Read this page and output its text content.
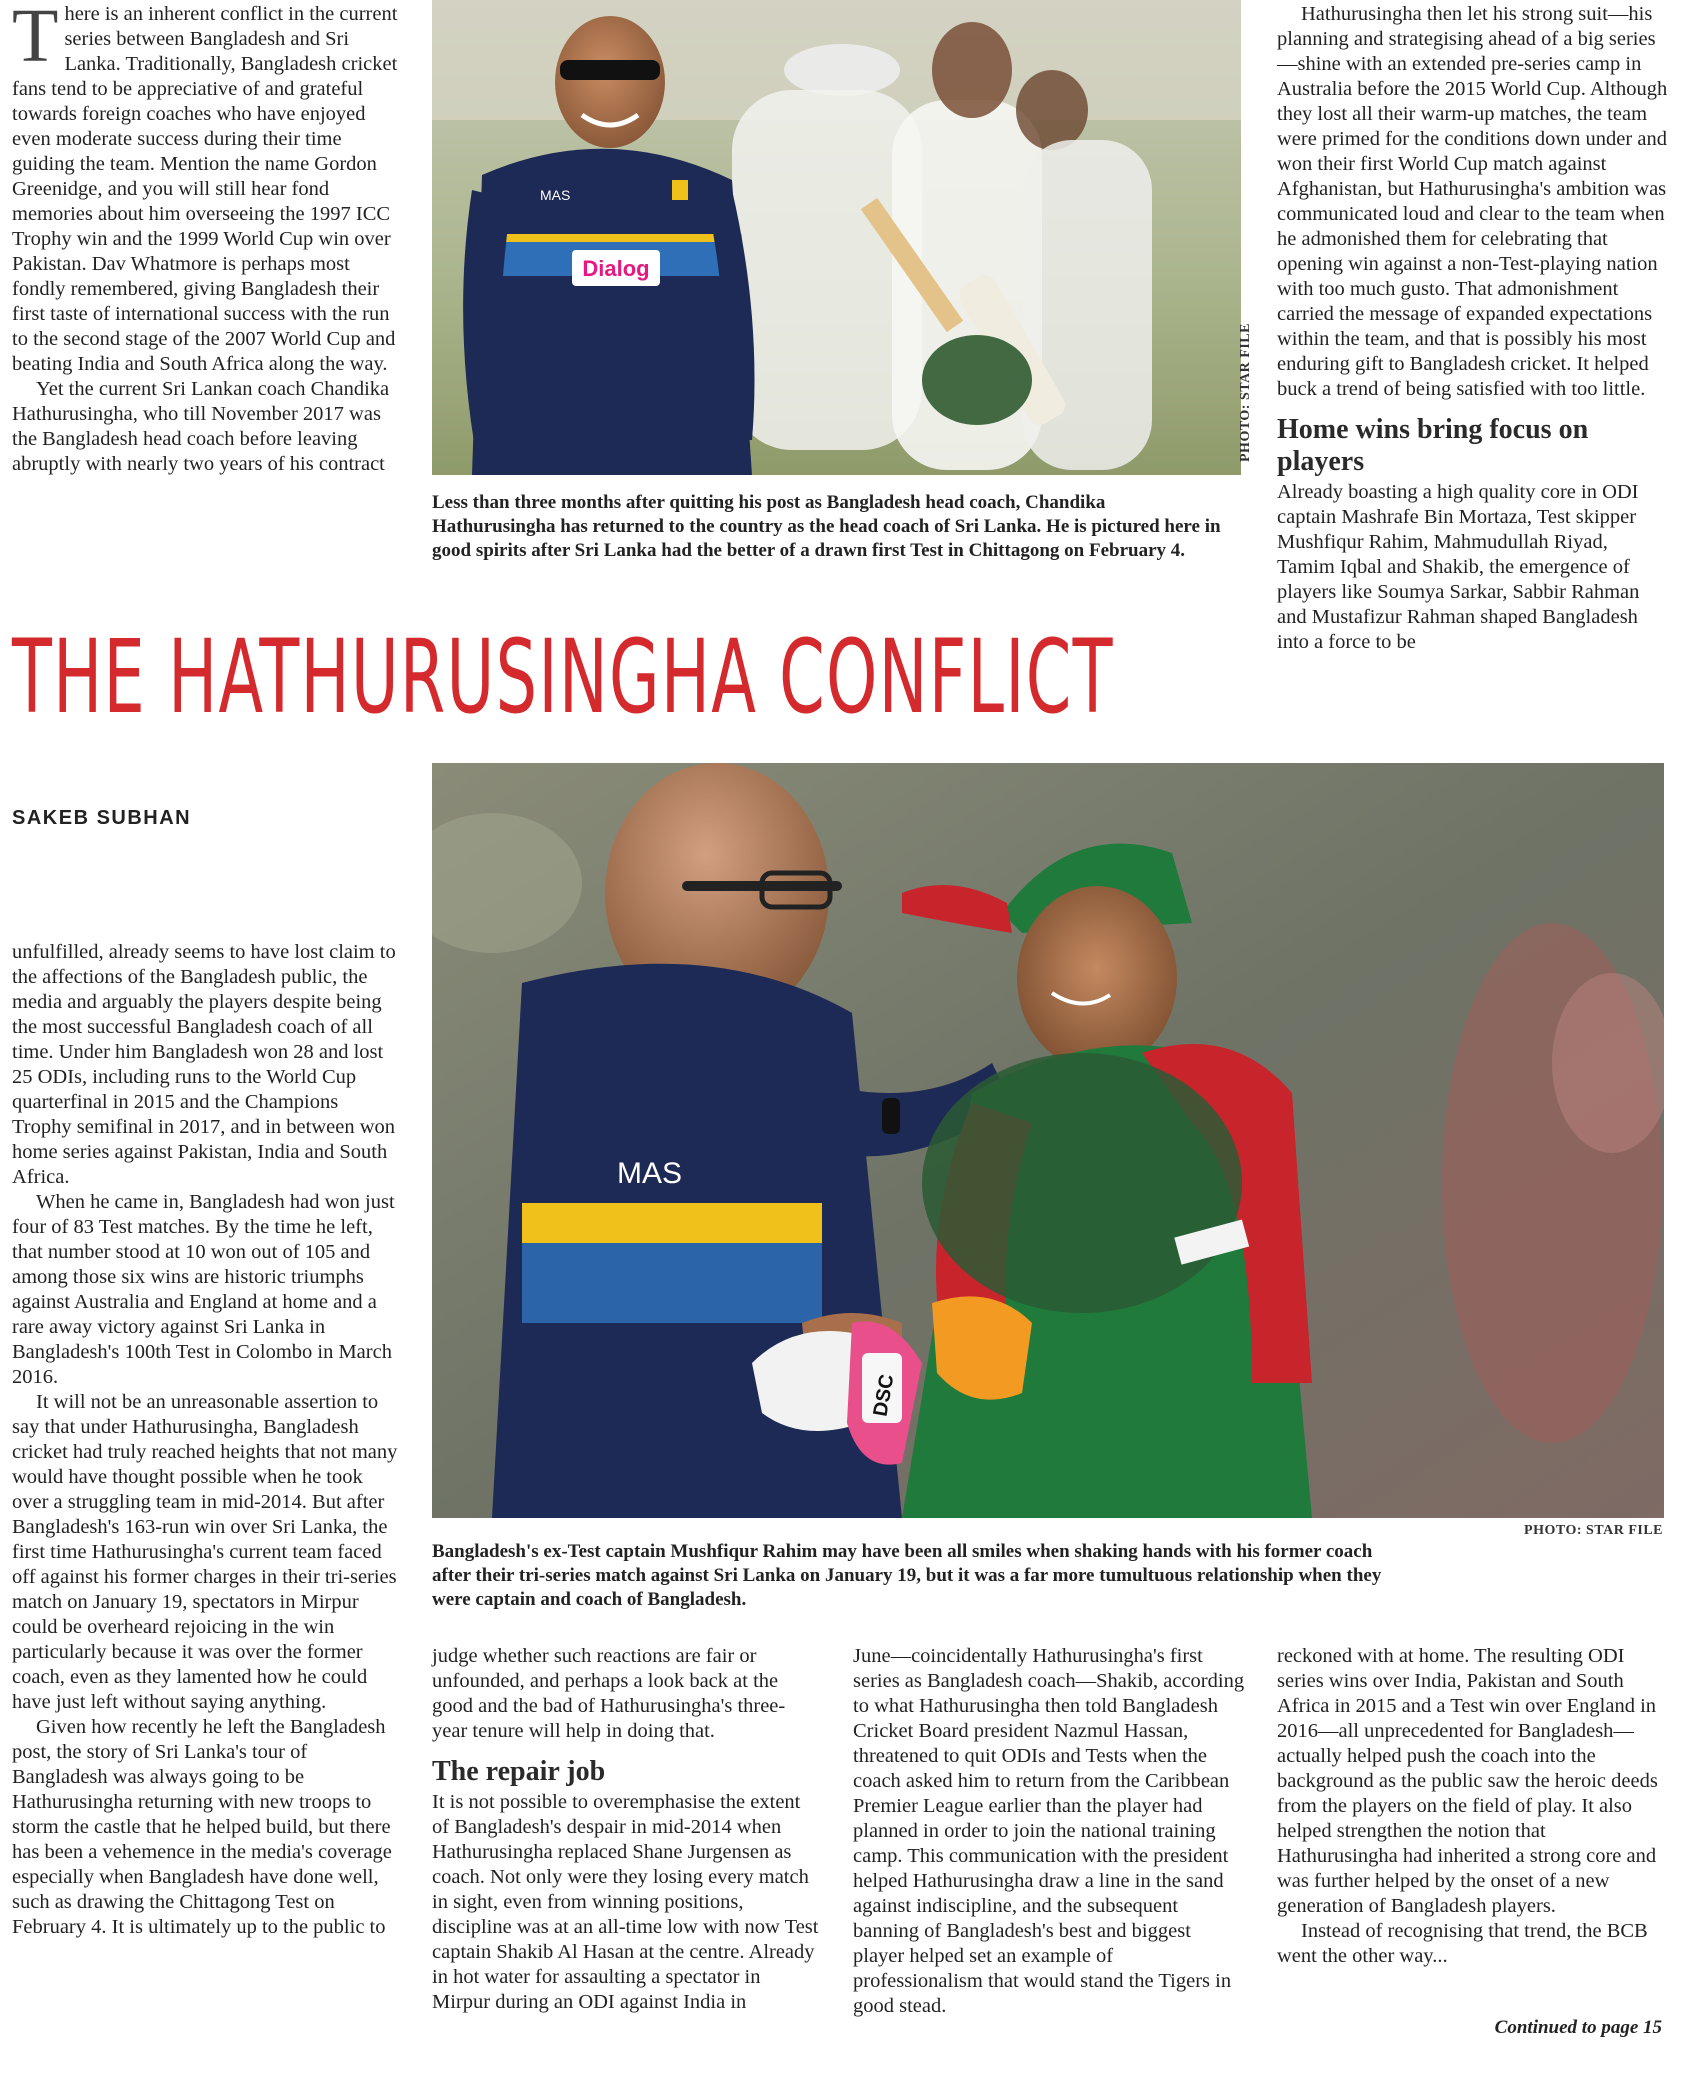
There is an inherent conflict in the current series between Bangladesh and Sri Lanka. Traditionally, Bangladesh cricket fans tend to be appreciative of and grateful towards foreign coaches who have enjoyed even moderate success during their time guiding the team. Mention the name Gordon Greenidge, and you will still hear fond memories about him overseeing the 1997 ICC Trophy win and the 1999 World Cup win over Pakistan. Dav Whatmore is perhaps most fondly remembered, giving Bangladesh their first taste of international success with the run to the second stage of the 2007 World Cup and beating India and South Africa along the way.

Yet the current Sri Lankan coach Chandika Hathurusingha, who till November 2017 was the Bangladesh head coach before leaving abruptly with nearly two years of his contract

Dialog
MAS
PHOTO: STAR FILE
Less than three months after quitting his post as Bangladesh head coach, Chandika Hathurusingha has returned to the country as the head coach of Sri Lanka. He is pictured here in good spirits after Sri Lanka had the better of a drawn first Test in Chittagong on February 4.

Hathurusingha then let his strong suit—his planning and strategising ahead of a big series—shine with an extended pre-series camp in Australia before the 2015 World Cup. Although they lost all their warm-up matches, the team were primed for the conditions down under and won their first World Cup match against Afghanistan, but Hathurusingha's ambition was communicated loud and clear to the team when he admonished them for celebrating that opening win against a non-Test-playing nation with too much gusto. That admonishment carried the message of expanded expectations within the team, and that is possibly his most enduring gift to Bangladesh cricket. It helped buck a trend of being satisfied with too little.

Home wins bring focus on players

Already boasting a high quality core in ODI captain Mashrafe Bin Mortaza, Test skipper Mushfiqur Rahim, Mahmudullah Riyad, Tamim Iqbal and Shakib, the emergence of players like Soumya Sarkar, Sabbir Rahman and Mustafizur Rahman shaped Bangladesh into a force to be

THE HATHURUSINGHA CONFLICT
SAKEB SUBHAN
MAS
DSC
PHOTO: STAR FILE
Bangladesh's ex-Test captain Mushfiqur Rahim may have been all smiles when shaking hands with his former coach after their tri-series match against Sri Lanka on January 19, but it was a far more tumultuous relationship when they were captain and coach of Bangladesh.

unfulfilled, already seems to have lost claim to the affections of the Bangladesh public, the media and arguably the players despite being the most successful Bangladesh coach of all time. Under him Bangladesh won 28 and lost 25 ODIs, including runs to the World Cup quarterfinal in 2015 and the Champions Trophy semifinal in 2017, and in between won home series against Pakistan, India and South Africa.

When he came in, Bangladesh had won just four of 83 Test matches. By the time he left, that number stood at 10 won out of 105 and among those six wins are historic triumphs against Australia and England at home and a rare away victory against Sri Lanka in Bangladesh's 100th Test in Colombo in March 2016.

It will not be an unreasonable assertion to say that under Hathurusingha, Bangladesh cricket had truly reached heights that not many would have thought possible when he took over a struggling team in mid-2014. But after Bangladesh's 163-run win over Sri Lanka, the first time Hathurusingha's current team faced off against his former charges in their tri-series match on January 19, spectators in Mirpur could be overheard rejoicing in the win particularly because it was over the former coach, even as they lamented how he could have just left without saying anything.

Given how recently he left the Bangladesh post, the story of Sri Lanka's tour of Bangladesh was always going to be Hathurusingha returning with new troops to storm the castle that he helped build, but there has been a vehemence in the media's coverage especially when Bangladesh have done well, such as drawing the Chittagong Test on February 4. It is ultimately up to the public to

judge whether such reactions are fair or unfounded, and perhaps a look back at the good and the bad of Hathurusingha's three-year tenure will help in doing that.

The repair job

It is not possible to overemphasise the extent of Bangladesh's despair in mid-2014 when Hathurusingha replaced Shane Jurgensen as coach. Not only were they losing every match in sight, even from winning positions, discipline was at an all-time low with now Test captain Shakib Al Hasan at the centre. Already in hot water for assaulting a spectator in Mirpur during an ODI against India in

June—coincidentally Hathurusingha's first series as Bangladesh coach—Shakib, according to what Hathurusingha then told Bangladesh Cricket Board president Nazmul Hassan, threatened to quit ODIs and Tests when the coach asked him to return from the Caribbean Premier League earlier than the player had planned in order to join the national training camp. This communication with the president helped Hathurusingha draw a line in the sand against indiscipline, and the subsequent banning of Bangladesh's best and biggest player helped set an example of professionalism that would stand the Tigers in good stead.

reckoned with at home. The resulting ODI series wins over India, Pakistan and South Africa in 2015 and a Test win over England in 2016—all unprecedented for Bangladesh—actually helped push the coach into the background as the public saw the heroic deeds from the players on the field of play. It also helped strengthen the notion that Hathurusingha had inherited a strong core and was further helped by the onset of a new generation of Bangladesh players.

Instead of recognising that trend, the BCB went the other way...

Continued to page 15
